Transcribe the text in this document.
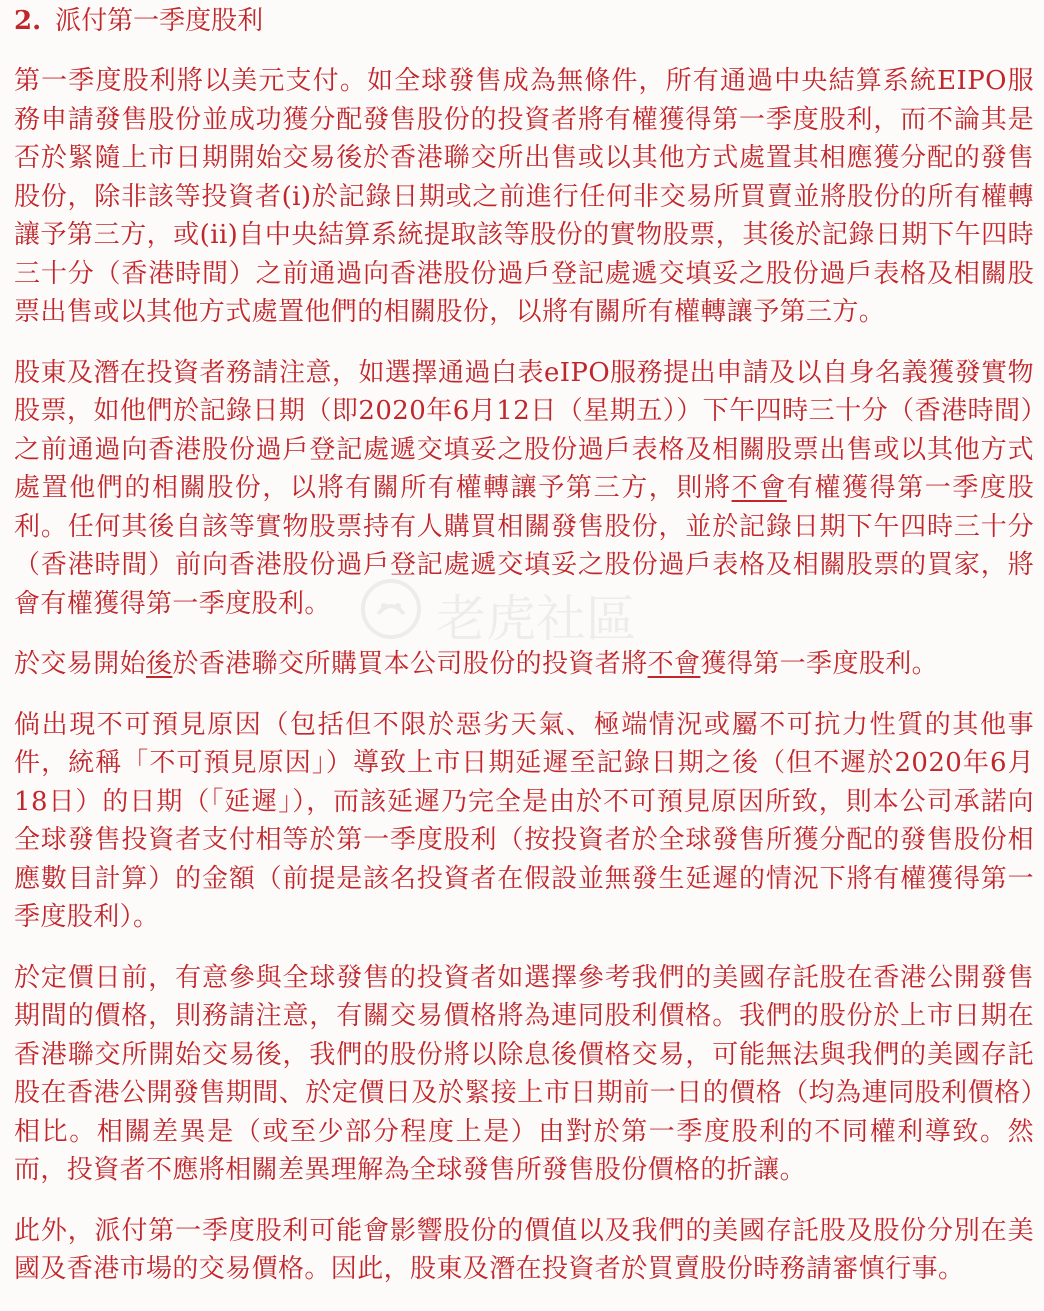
2. 派付第一季度股利

第一季度股利將以美元支付。如全球發售成為無條件，所有通過中央結算系統EIPO服務申請發售股份並成功獲分配發售股份的投資者將有權獲得第一季度股利，而不論其是否於緊隨上市日期開始交易後於香港聯交所出售或以其他方式處置其相應獲分配的發售股份，除非該等投資者(i)於記錄日期或之前進行任何非交易所買賣並將股份的所有權轉讓予第三方，或(ii)自中央結算系統提取該等股份的實物股票，其後於記錄日期下午四時三十分（香港時間）之前通過向香港股份過戶登記處遞交填妥之股份過戶表格及相關股票出售或以其他方式處置他們的相關股份，以將有關所有權轉讓予第三方。

股東及潛在投資者務請注意，如選擇通過白表eIPO服務提出申請及以自身名義獲發實物股票，如他們於記錄日期（即2020年6月12日（星期五））下午四時三十分（香港時間）之前通過向香港股份過戶登記處遞交填妥之股份過戶表格及相關股票出售或以其他方式處置他們的相關股份，以將有關所有權轉讓予第三方，則將不會有權獲得第一季度股利。任何其後自該等實物股票持有人購買相關發售股份，並於記錄日期下午四時三十分（香港時間）前向香港股份過戶登記處遞交填妥之股份過戶表格及相關股票的買家，將會有權獲得第一季度股利。

於交易開始後於香港聯交所購買本公司股份的投資者將不會獲得第一季度股利。

倘出現不可預見原因（包括但不限於惡劣天氣、極端情況或屬不可抗力性質的其他事件，統稱「不可預見原因」）導致上市日期延遲至記錄日期之後（但不遲於2020年6月18日）的日期（「延遲」），而該延遲乃完全是由於不可預見原因所致，則本公司承諾向全球發售投資者支付相等於第一季度股利（按投資者於全球發售所獲分配的發售股份相應數目計算）的金額（前提是該名投資者在假設並無發生延遲的情況下將有權獲得第一季度股利）。

於定價日前，有意參與全球發售的投資者如選擇參考我們的美國存託股在香港公開發售期間的價格，則務請注意，有關交易價格將為連同股利價格。我們的股份於上市日期在香港聯交所開始交易後，我們的股份將以除息後價格交易，可能無法與我們的美國存託股在香港公開發售期間、於定價日及於緊接上市日期前一日的價格（均為連同股利價格）相比。相關差異是（或至少部分程度上是）由對於第一季度股利的不同權利導致。然而，投資者不應將相關差異理解為全球發售所發售股份價格的折讓。

此外，派付第一季度股利可能會影響股份的價值以及我們的美國存託股及股份分別在美國及香港市場的交易價格。因此，股東及潛在投資者於買賣股份時務請審慎行事。

老虎社區
